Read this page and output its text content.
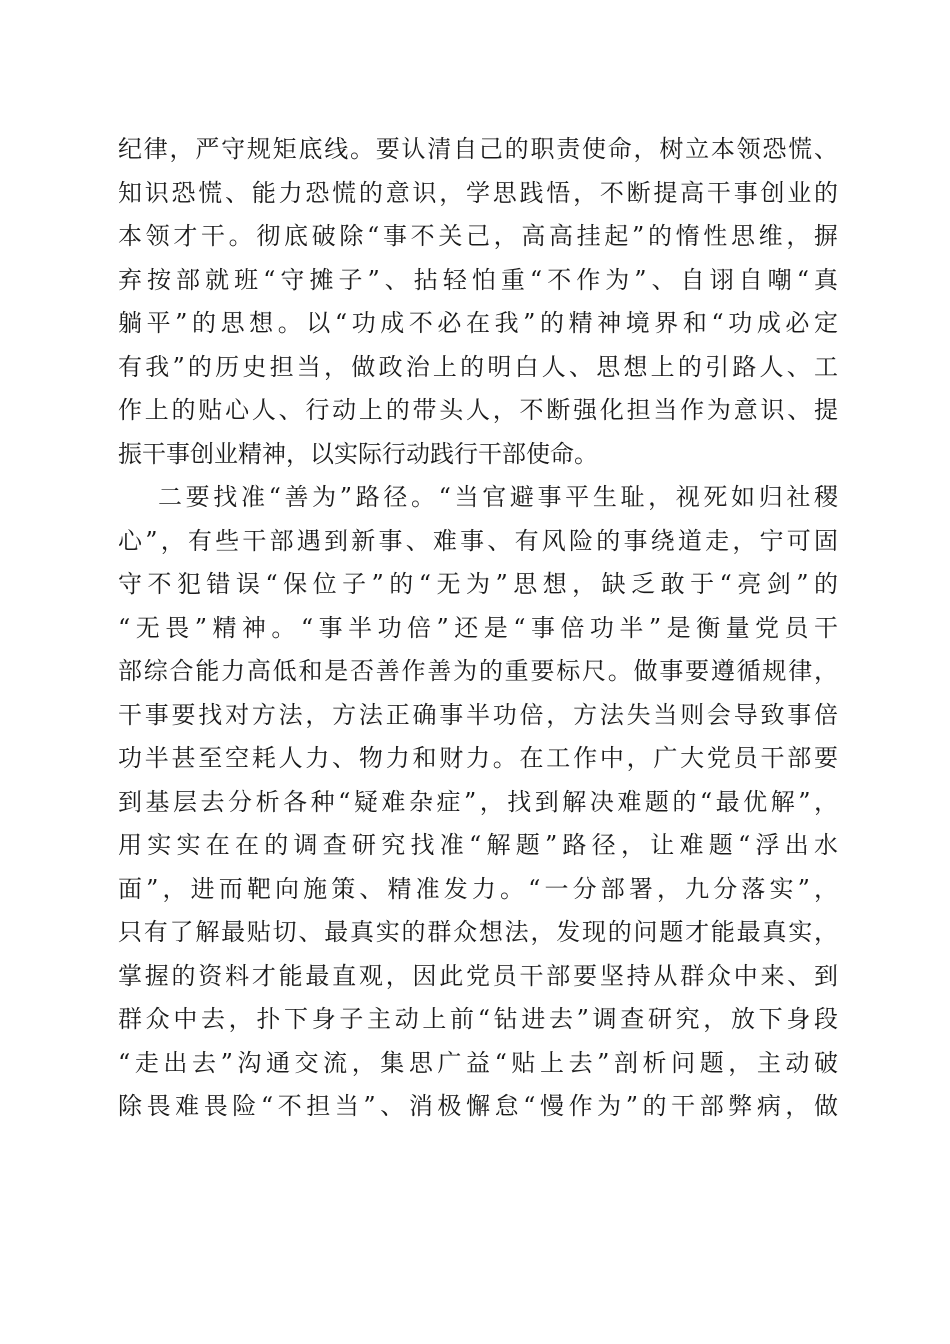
纪律，严守规矩底线。要认清自己的职责使命，树立本领恐慌、
知识恐慌、能力恐慌的意识，学思践悟，不断提高干事创业的
本领才干。彻底破除“事不关己，高高挂起”的惰性思维，摒
弃按部就班“守摊子”、拈轻怕重“不作为”、自诩自嘲“真
躺平”的思想。以“功成不必在我”的精神境界和“功成必定
有我”的历史担当，做政治上的明白人、思想上的引路人、工
作上的贴心人、行动上的带头人，不断强化担当作为意识、提
振干事创业精神，以实际行动践行干部使命。
二要找准“善为”路径。“当官避事平生耻，视死如归社稷
心”，有些干部遇到新事、难事、有风险的事绕道走，宁可固
守不犯错误“保位子”的“无为”思想，缺乏敢于“亮剑”的
“无畏”精神。“事半功倍”还是“事倍功半”是衡量党员干
部综合能力高低和是否善作善为的重要标尺。做事要遵循规律，
干事要找对方法，方法正确事半功倍，方法失当则会导致事倍
功半甚至空耗人力、物力和财力。在工作中，广大党员干部要
到基层去分析各种“疑难杂症”，找到解决难题的“最优解”，
用实实在在的调查研究找准“解题”路径，让难题“浮出水
面”，进而靶向施策、精准发力。“一分部署，九分落实”，
只有了解最贴切、最真实的群众想法，发现的问题才能最真实，
掌握的资料才能最直观，因此党员干部要坚持从群众中来、到
群众中去，扑下身子主动上前“钻进去”调查研究，放下身段
“走出去”沟通交流，集思广益“贴上去”剖析问题，主动破
除畏难畏险“不担当”、消极懈怠“慢作为”的干部弊病，做
